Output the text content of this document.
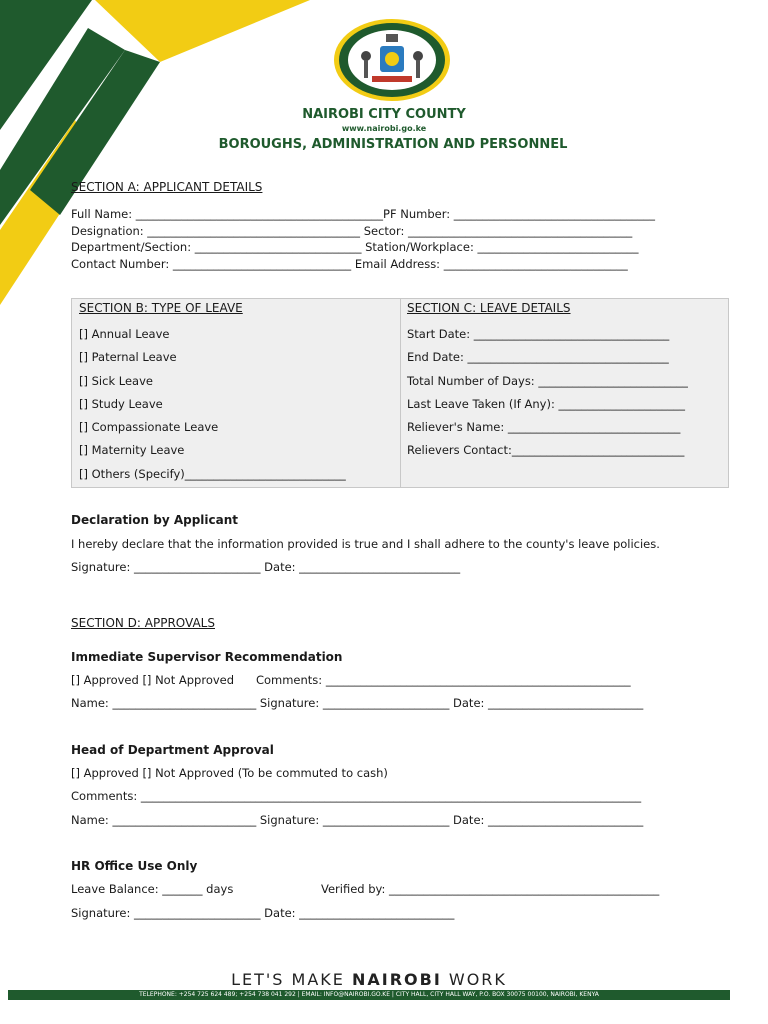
NAIROBI CITY COUNTY
www.nairobi.go.ke
BOROUGHS, ADMINISTRATION AND PERSONNEL
SECTION A: APPLICANT DETAILS
Full Name: ___________________________________________PF Number: ___________________________________
Designation: _____________________________________ Sector: _______________________________________
Department/Section: _____________________________ Station/Workplace: ____________________________
Contact Number: _______________________________ Email Address: ________________________________
SECTION B: TYPE OF LEAVE
[] Annual Leave
[] Paternal Leave
[] Sick Leave
[] Study Leave
[] Compassionate Leave
[] Maternity Leave
[] Others (Specify)____________________________
SECTION C: LEAVE DETAILS
Start Date: __________________________________
End Date: ___________________________________
Total Number of Days: __________________________
Last Leave Taken (If Any): ______________________
Reliever's Name: ______________________________
Relievers Contact:______________________________
Declaration by Applicant
I hereby declare that the information provided is true and I shall adhere to the county's leave policies.
Signature: ______________________ Date: ____________________________
SECTION D: APPROVALS
Immediate Supervisor Recommendation
[] Approved [] Not Approved      Comments: _____________________________________________________
Name: _________________________ Signature: ______________________ Date: ___________________________
Head of Department Approval
[] Approved [] Not Approved (To be commuted to cash)
Comments: _______________________________________________________________________________________
Name: _________________________ Signature: ______________________ Date: ___________________________
HR Office Use Only
Leave Balance: _______ days	Verified by: _______________________________________________
Signature: ______________________ Date: ___________________________
LET'S MAKE NAIROBI WORK
TELEPHONE: +254 725 624 489; +254 738 041 292 | EMAIL: INFO@NAIROBI.GO.KE | CITY HALL, CITY HALL WAY, P.O. BOX 30075 00100, NAIROBI, KENYA
